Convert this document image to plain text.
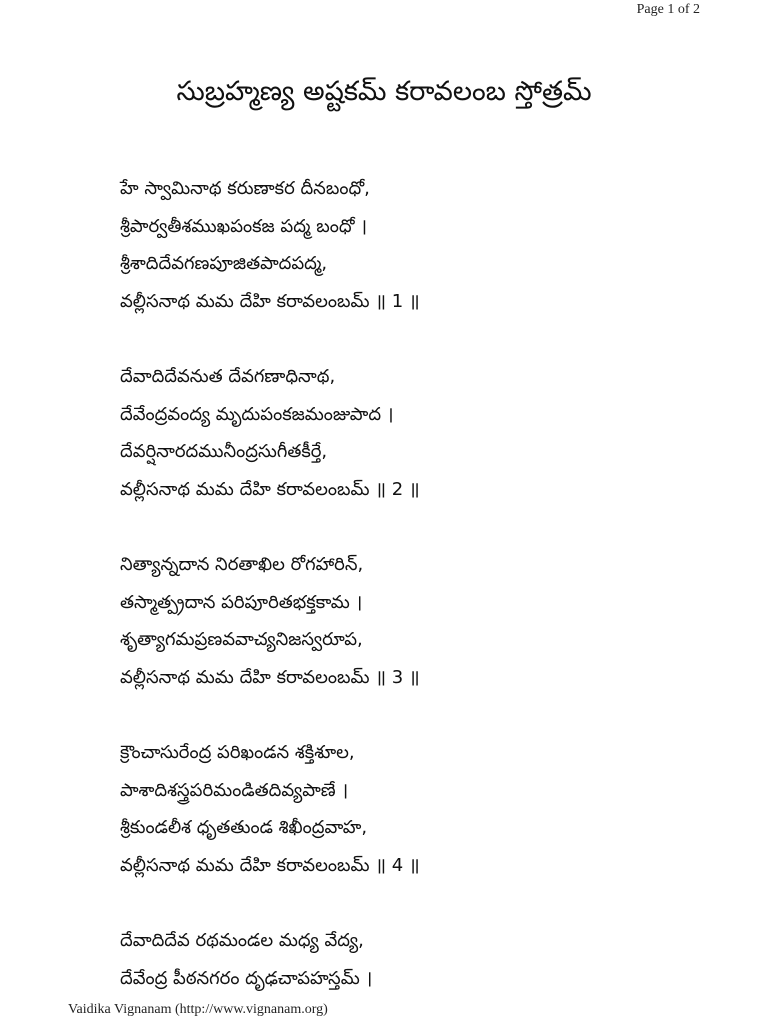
Page 1 of 2
సుబ్రహ్మణ్య అష్టకమ్ కరావలంబ స్తోత్రమ్
హే స్వామినాథ కరుణాకర దీనబంధో,
శ్రీపార్వతీశముఖపంకజ పద్మ బంధో ।
శ్రీశాదిదేవగణపూజితపాదపద్మ,
వల్లీసనాథ మమ దేహి కరావలంబమ్ ॥ 1 ॥
దేవాదిదేవనుత దేవగణాధినాథ,
దేవేంద్రవంద్య మృదుపంకజమంజుపాద ।
దేవర్షినారదమునీంద్రసుగీతకీర్తే,
వల్లీసనాథ మమ దేహి కరావలంబమ్ ॥ 2 ॥
నిత్యాన్నదాన నిరతాఖిల రోగహారిన్,
తస్మాత్ప్రదాన పరిపూరితభక్తకామ ।
శృత్యాగమప్రణవవాచ్యనిజస్వరూప,
వల్లీసనాథ మమ దేహి కరావలంబమ్ ॥ 3 ॥
క్రౌంచాసురేంద్ర పరిఖండన శక్తిశూల,
పాశాదిశస్త్రపరిమండితదివ్యపాణే ।
శ్రీకుండలీశ ధృతతుండ శిఖీంద్రవాహ,
వల్లీసనాథ మమ దేహి కరావలంబమ్ ॥ 4 ॥
దేవాదిదేవ రథమండల మధ్య వేద్య,
దేవేంద్ర పీఠనగరం దృఢచాపహస్తమ్ ।
Vaidika Vignanam (http://www.vignanam.org)
